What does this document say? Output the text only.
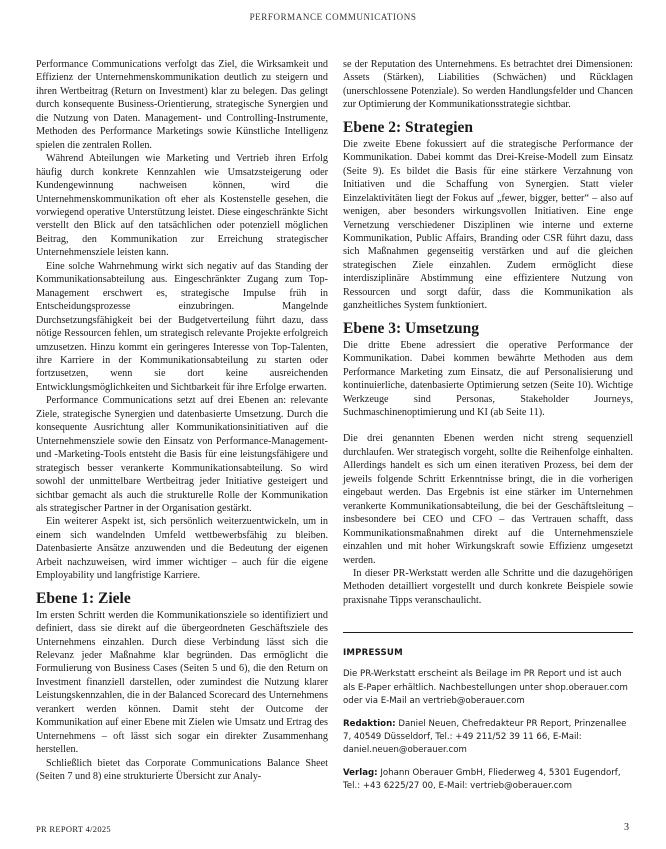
PERFORMANCE COMMUNICATIONS

Performance Communications verfolgt das Ziel, die Wirksamkeit und Effizienz der Unternehmenskommunikation deutlich zu steigern und ihren Wertbeitrag (Return on Investment) klar zu belegen. Das gelingt durch konsequente Business-Orientierung, strategische Synergien und die Nutzung von Daten. Management- und Controlling-Instrumente, Methoden des Performance Marketings sowie Künstliche Intelligenz spielen die zentralen Rollen.

Während Abteilungen wie Marketing und Vertrieb ihren Erfolg häufig durch konkrete Kennzahlen wie Umsatzsteigerung oder Kundengewinnung nachweisen können, wird die Unternehmenskommunikation oft eher als Kostenstelle gesehen, die vorwiegend operative Unterstützung leistet. Diese eingeschränkte Sicht verstellt den Blick auf den tatsächlichen oder potenziell möglichen Beitrag, den Kommunikation zur Erreichung strategischer Unternehmensziele leisten kann.

Eine solche Wahrnehmung wirkt sich negativ auf das Standing der Kommunikationsabteilung aus. Eingeschränkter Zugang zum Top-Management erschwert es, strategische Impulse früh in Entscheidungsprozesse einzubringen. Mangelnde Durchsetzungsfähigkeit bei der Budgetverteilung führt dazu, dass nötige Ressourcen fehlen, um strategisch relevante Projekte erfolgreich umzusetzen. Hinzu kommt ein geringeres Interesse von Top-Talenten, ihre Karriere in der Kommunikationsabteilung zu starten oder fortzusetzen, wenn sie dort keine ausreichenden Entwicklungsmöglichkeiten und Sichtbarkeit für ihre Erfolge erwarten.

Performance Communications setzt auf drei Ebenen an: relevante Ziele, strategische Synergien und datenbasierte Umsetzung. Durch die konsequente Ausrichtung aller Kommunikationsinitiativen auf die Unternehmensziele sowie den Einsatz von Performance-Management- und -Marketing-Tools entsteht die Basis für eine leistungsfähigere und strategisch besser verankerte Kommunikationsabteilung. So wird sowohl der unmittelbare Wertbeitrag jeder Initiative gesteigert und sichtbar gemacht als auch die strukturelle Rolle der Kommunikation als strategischer Partner in der Organisation gestärkt.

Ein weiterer Aspekt ist, sich persönlich weiterzuentwickeln, um in einem sich wandelnden Umfeld wettbewerbsfähig zu bleiben. Datenbasierte Ansätze anzuwenden und die Bedeutung der eigenen Arbeit nachzuweisen, wird immer wichtiger – auch für die eigene Employability und langfristige Karriere.

Ebene 1: Ziele

Im ersten Schritt werden die Kommunikationsziele so identifiziert und definiert, dass sie direkt auf die übergeordneten Geschäftsziele des Unternehmens einzahlen. Durch diese Verbindung lässt sich die Relevanz jeder Maßnahme klar begründen. Das ermöglicht die Formulierung von Business Cases (Seiten 5 und 6), die den Return on Investment finanziell darstellen, oder zumindest die Nutzung klarer Leistungskennzahlen, die in der Balanced Scorecard des Unternehmens verankert werden können. Damit steht der Outcome der Kommunikation auf einer Ebene mit Zielen wie Umsatz und Ertrag des Unternehmens – oft lässt sich sogar ein direkter Zusammenhang herstellen.

Schließlich bietet das Corporate Communications Balance Sheet (Seiten 7 und 8) eine strukturierte Übersicht zur Analy-

se der Reputation des Unternehmens. Es betrachtet drei Dimensionen: Assets (Stärken), Liabilities (Schwächen) und Rücklagen (unerschlossene Potenziale). So werden Handlungsfelder und Chancen zur Optimierung der Kommunikationsstrategie sichtbar.

Ebene 2: Strategien

Die zweite Ebene fokussiert auf die strategische Performance der Kommunikation. Dabei kommt das Drei-Kreise-Modell zum Einsatz (Seite 9). Es bildet die Basis für eine stärkere Verzahnung von Initiativen und die Schaffung von Synergien. Statt vieler Einzelaktivitäten liegt der Fokus auf „fewer, bigger, better“ – also auf wenigen, aber besonders wirkungsvollen Initiativen. Eine enge Vernetzung verschiedener Disziplinen wie interne und externe Kommunikation, Public Affairs, Branding oder CSR führt dazu, dass sich Maßnahmen gegenseitig verstärken und auf die gleichen strategischen Ziele einzahlen. Zudem ermöglicht diese interdisziplinäre Abstimmung eine effizientere Nutzung von Ressourcen und sorgt dafür, dass die Kommunikation als ganzheitliches System funktioniert.

Ebene 3: Umsetzung

Die dritte Ebene adressiert die operative Performance der Kommunikation. Dabei kommen bewährte Methoden aus dem Performance Marketing zum Einsatz, die auf Personalisierung und kontinuierliche, datenbasierte Optimierung setzen (Seite 10). Wichtige Werkzeuge sind Personas, Stakeholder Journeys, Suchmaschinenoptimierung und KI (ab Seite 11).

Die drei genannten Ebenen werden nicht streng sequenziell durchlaufen. Wer strategisch vorgeht, sollte die Reihenfolge einhalten. Allerdings handelt es sich um einen iterativen Prozess, bei dem der jeweils folgende Schritt Erkenntnisse bringt, die in die vorherigen eingebaut werden. Das Ergebnis ist eine stärker im Unternehmen verankerte Kommunikationsabteilung, die bei der Geschäftsleitung – insbesondere bei CEO und CFO – das Vertrauen schafft, dass Kommunikationsmaßnahmen direkt auf die Unternehmensziele einzahlen und mit hoher Wirkungskraft sowie Effizienz umgesetzt werden.

In dieser PR-Werkstatt werden alle Schritte und die dazugehörigen Methoden detailliert vorgestellt und durch konkrete Beispiele sowie praxisnahe Tipps veranschaulicht.

IMPRESSUM
Die PR-Werkstatt erscheint als Beilage im PR Report und ist auch als E-Paper erhältlich. Nachbestellungen unter shop.oberauer.com oder via E-Mail an vertrieb@oberauer.com
Redaktion: Daniel Neuen, Chefredakteur PR Report, Prinzenallee 7, 40549 Düsseldorf, Tel.: +49 211/52 39 11 66, E-Mail: daniel.neuen@oberauer.com
Verlag: Johann Oberauer GmbH, Fliederweg 4, 5301 Eugendorf, Tel.: +43 6225/27 00, E-Mail: vertrieb@oberauer.com
PR REPORT 4/2025	3
